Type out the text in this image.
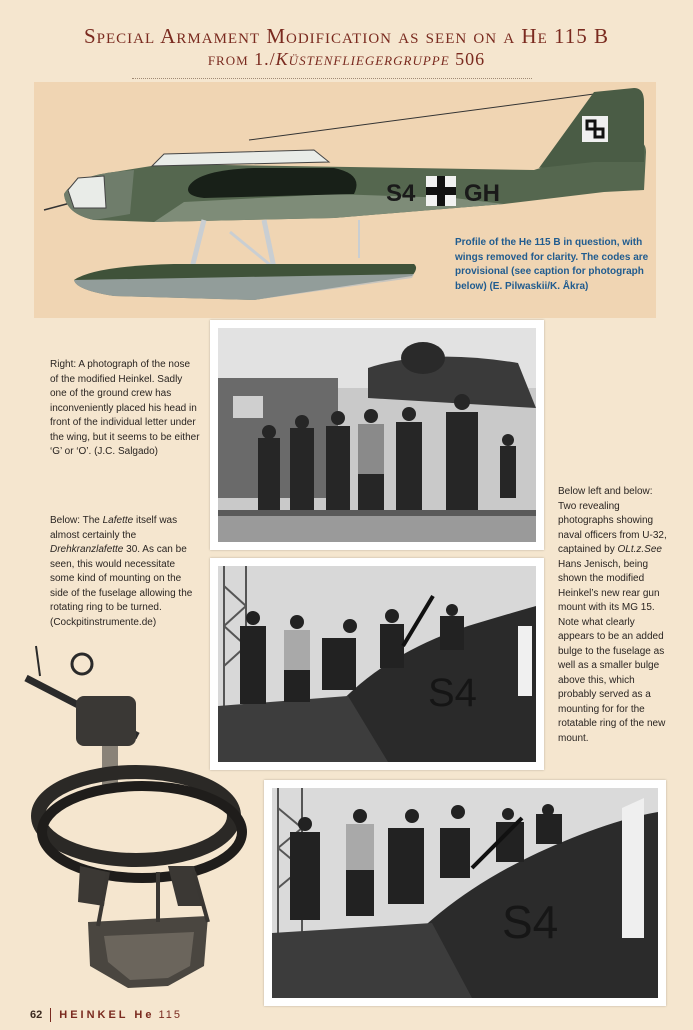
Special Armament Modification as seen on a He 115 B
from 1./Küstenfliegergruppe 506
S4 GH
Profile of the He 115 B in question, with wings removed for clarity. The codes are provisional (see caption for photograph below) (E. Pilwaskii/K. Åkra)
Right: A photograph of the nose of the modified Heinkel. Sadly one of the ground crew has inconveniently placed his head in front of the individual letter under the wing, but it seems to be either ‘G’ or ‘O’. (J.C. Salgado)
Below: The Lafette itself was almost certainly the Drehkranzlafette 30. As can be seen, this would necessitate some kind of mounting on the side of the fuselage allowing the rotating ring to be turned. (Cockpitinstrumente.de)
Below left and below: Two revealing photographs showing naval officers from U-32, captained by OLt.z.See Hans Jenisch, being shown the modified Heinkel’s new rear gun mount with its MG 15. Note what clearly appears to be an added bulge to the fuselage as well as a smaller bulge above this, which probably served as a mounting for for the rotatable ring of the new mount.
S4
S4
62 HEINKEL He 115
